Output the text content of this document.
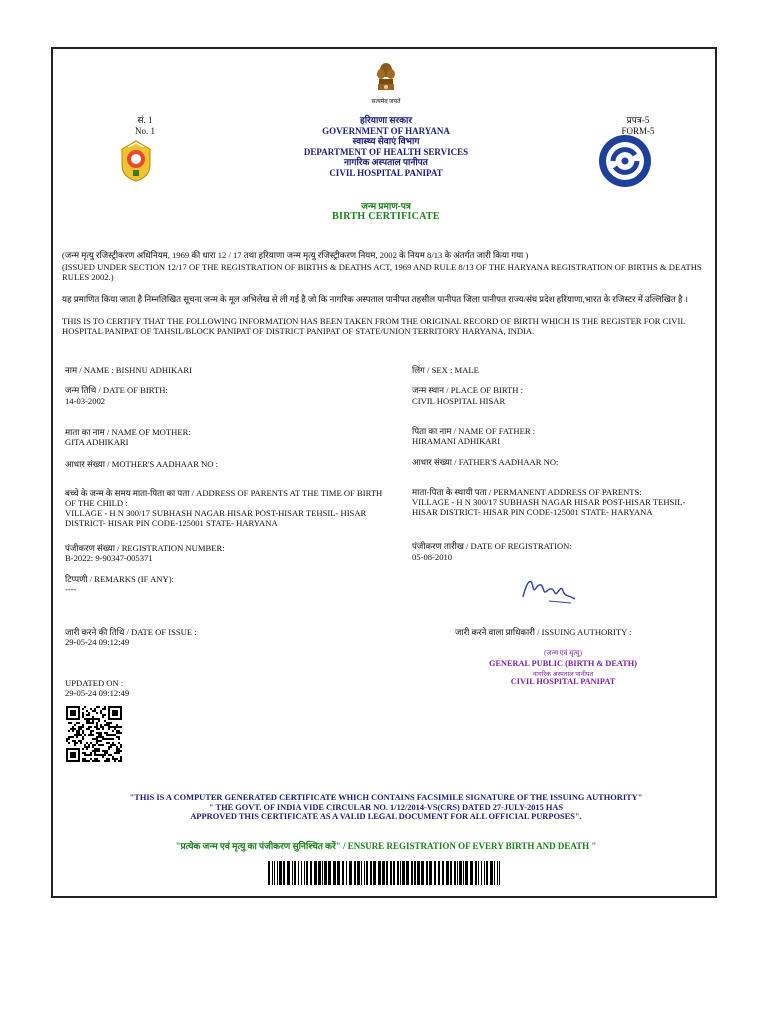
सत्यमेव जयते
सं. 1
No. 1
प्रपत्र-5
FORM-5
हरियाणा सरकार
GOVERNMENT OF HARYANA
स्वास्थ्य सेवाएं विभाग
DEPARTMENT OF HEALTH SERVICES
नागरिक अस्पताल पानीपत
CIVIL HOSPITAL PANIPAT
जन्म प्रमाण-पत्र
BIRTH CERTIFICATE
(जन्म मृत्यु रजिस्ट्रीकरण अधिनियम, 1969 की धारा 12 / 17 तथा हरियाणा जन्म मृत्यु रजिस्ट्रीकरण नियम, 2002 के नियम 8/13 के अंतर्गत जारी किया गया )
(ISSUED UNDER SECTION 12/17 OF THE REGISTRATION OF BIRTHS & DEATHS ACT, 1969 AND RULE 8/13 OF THE HARYANA REGISTRATION OF BIRTHS & DEATHS RULES 2002.)
यह प्रमाणित किया जाता है निम्नलिखित सूचना जन्म के मूल अभिलेख से ली गई है जो कि नागरिक अस्पताल पानीपत तहसील पानीपत जिला पानीपत राज्य/संघ प्रदेश हरियाणा,भारत के रजिस्टर में उल्लिखित है ।
THIS IS TO CERTIFY THAT THE FOLLOWING INFORMATION HAS BEEN TAKEN FROM THE ORIGINAL RECORD OF BIRTH WHICH IS THE REGISTER FOR CIVIL HOSPITAL PANIPAT OF TAHSIL/BLOCK PANIPAT OF DISTRICT PANIPAT OF STATE/UNION TERRITORY HARYANA, INDIA.
नाम / NAME : BISHNU ADHIKARI
जन्म तिथि / DATE OF BIRTH:
14-03-2002
माता का नाम / NAME OF MOTHER:
GITA ADHIKARI
आधार संख्या / MOTHER'S AADHAAR NO :
बच्चे के जन्म के समय माता-पिता का पता / ADDRESS OF PARENTS AT THE TIME OF BIRTH OF THE CHILD :
VILLAGE - H N 300/17 SUBHASH NAGAR HISAR POST-HISAR TEHSIL- HISAR DISTRICT- HISAR PIN CODE-125001 STATE- HARYANA
पंजीकरण संख्या / REGISTRATION NUMBER:
B-2022: 9-90347-005371
टिप्पणी / REMARKS (IF ANY):
----
जारी करने की तिथि / DATE OF ISSUE :
29-05-24 09:12:49
UPDATED ON :
29-05-24 09:12:49
लिंग / SEX : MALE
जन्म स्थान / PLACE OF BIRTH :
CIVIL HOSPITAL HISAR
पिता का नाम / NAME OF FATHER :
HIRAMANI ADHIKARI
आधार संख्या / FATHER'S AADHAAR NO:
माता-पिता के स्थायी पता / PERMANENT ADDRESS OF PARENTS:
VILLAGE - H N 300/17 SUBHASH NAGAR HISAR POST-HISAR TEHSIL- HISAR DISTRICT- HISAR PIN CODE-125001 STATE- HARYANA
पंजीकरण तारीख / DATE OF REGISTRATION:
05-08-2010
जारी करने वाला प्राधिकारी / ISSUING AUTHORITY :
(जन्म एवं मृत्यु)
GENERAL PUBLIC (BIRTH & DEATH)
नागरिक अस्पताल पानीपत
CIVIL HOSPITAL PANIPAT
"THIS IS A COMPUTER GENERATED CERTIFICATE WHICH CONTAINS FACSIMILE SIGNATURE OF THE ISSUING AUTHORITY"
" THE GOVT. OF INDIA VIDE CIRCULAR NO. 1/12/2014-VS(CRS) DATED 27-JULY-2015 HAS
APPROVED THIS CERTIFICATE AS A VALID LEGAL DOCUMENT FOR ALL OFFICIAL PURPOSES".
"प्रत्येक जन्म एवं मृत्यु का पंजीकरण सुनिश्चित करें" / ENSURE REGISTRATION OF EVERY BIRTH AND DEATH "
